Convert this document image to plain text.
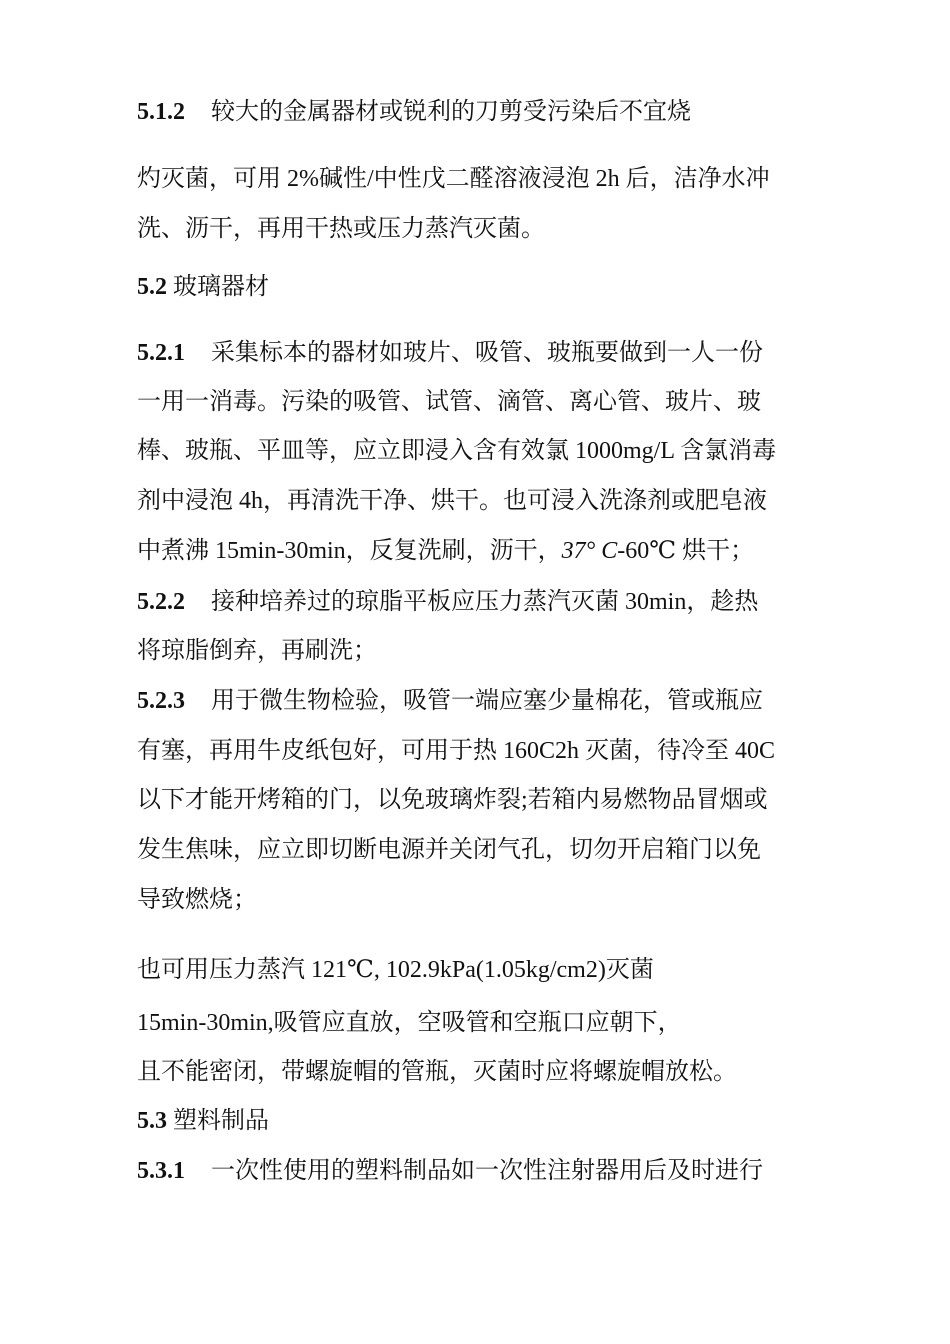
5.1.2 较大的金属器材或锐利的刀剪受污染后不宜烧
灼灭菌，可用 2%碱性/中性戊二醛溶液浸泡 2h 后，洁净水冲
洗、沥干，再用干热或压力蒸汽灭菌。
5.2 玻璃器材
5.2.1 采集标本的器材如玻片、吸管、玻瓶要做到一人一份
一用一消毒。污染的吸管、试管、滴管、离心管、玻片、玻
棒、玻瓶、平皿等，应立即浸入含有效氯 1000mg/L 含氯消毒
剂中浸泡 4h，再清洗干净、烘干。也可浸入洗涤剂或肥皂液
中煮沸 15min-30min，反复洗刷，沥干，37° C-60℃ 烘干；
5.2.2 接种培养过的琼脂平板应压力蒸汽灭菌 30min，趁热
将琼脂倒弃，再刷洗；
5.2.3 用于微生物检验，吸管一端应塞少量棉花，管或瓶应
有塞，再用牛皮纸包好，可用于热 160C2h 灭菌，待冷至 40C
以下才能开烤箱的门，以免玻璃炸裂;若箱内易燃物品冒烟或
发生焦味，应立即切断电源并关闭气孔，切勿开启箱门以免
导致燃烧；
也可用压力蒸汽 121℃, 102.9kPa(1.05kg/cm2)灭菌
15min-30min,吸管应直放，空吸管和空瓶口应朝下，
且不能密闭，带螺旋帽的管瓶，灭菌时应将螺旋帽放松。
5.3 塑料制品
5.3.1 一次性使用的塑料制品如一次性注射器用后及时进行
